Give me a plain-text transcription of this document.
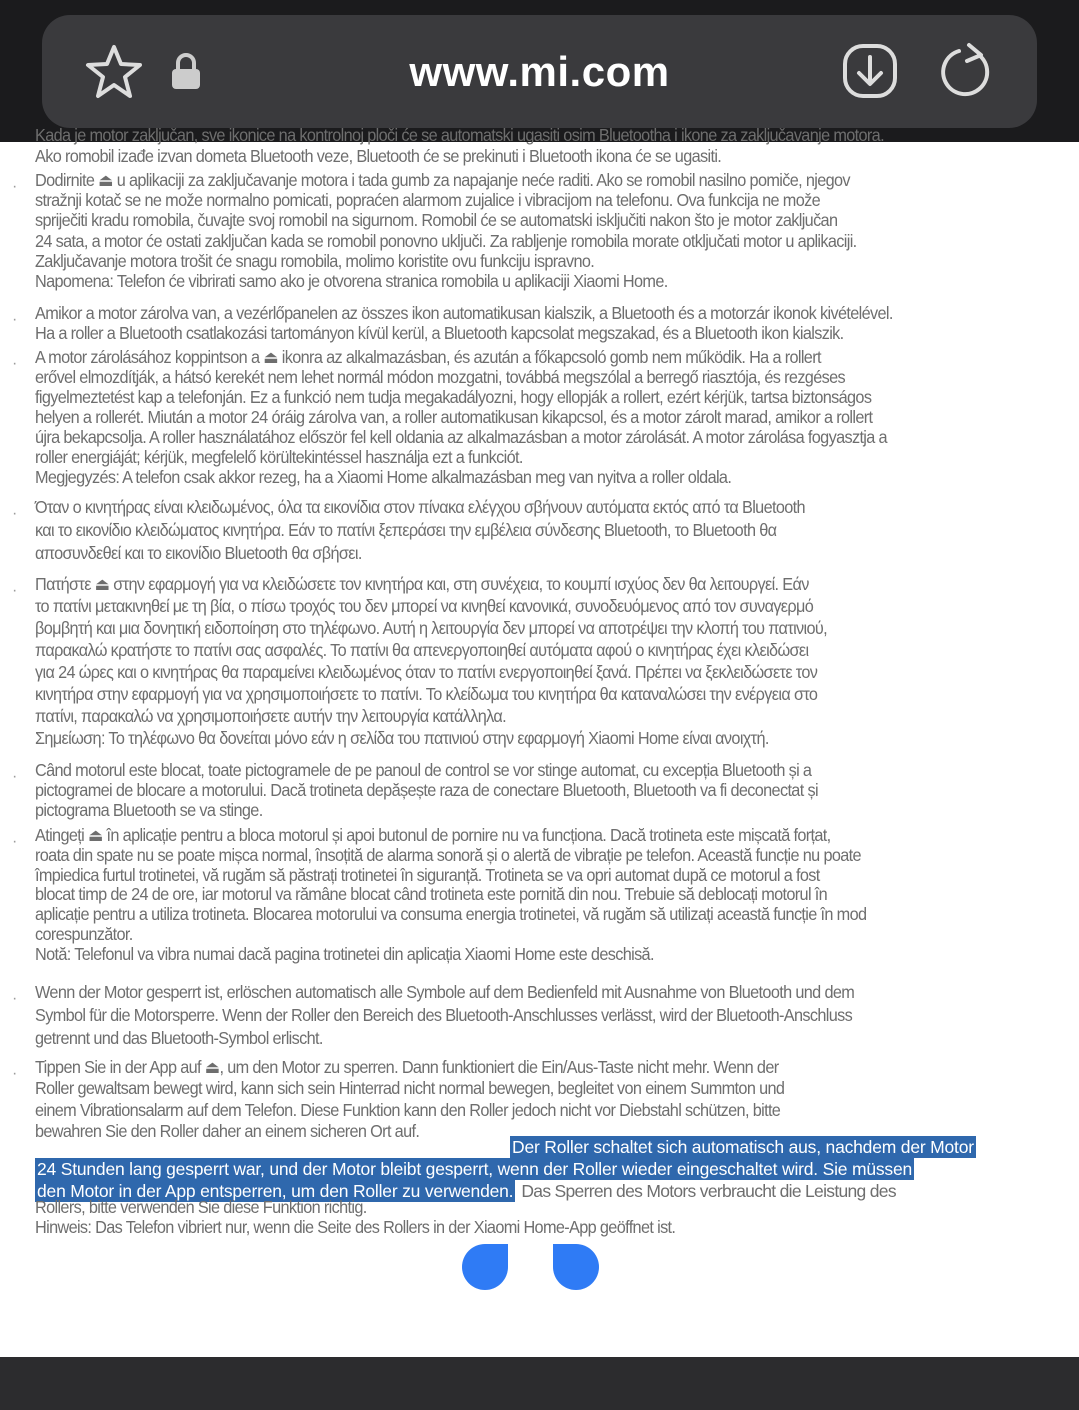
www.mi.com
Kada je motor zaključan, sve ikonice na kontrolnoj ploči će se automatski ugasiti osim Bluetootha i ikone za zaključavanje motora.
Ako romobil izađe izvan dometa Bluetooth veze, Bluetooth će se prekinuti i Bluetooth ikona će se ugasiti.
· Dodirnite ⏏ u aplikaciji za zaključavanje motora i tada gumb za napajanje neće raditi. Ako se romobil nasilno pomiče, njegov
stražnji kotač se ne može normalno pomicati, popraćen alarmom zujalice i vibracijom na telefonu. Ova funkcija ne može
spriječiti kradu romobila, čuvajte svoj romobil na sigurnom. Romobil će se automatski isključiti nakon što je motor zaključan
24 sata, a motor će ostati zaključan kada se romobil ponovno uključi. Za rabljenje romobila morate otključati motor u aplikaciji.
Zaključavanje motora trošit će snagu romobila, molimo koristite ovu funkciju ispravno.
Napomena: Telefon će vibrirati samo ako je otvorena stranica romobila u aplikaciji Xiaomi Home.
· Amikor a motor zárolva van, a vezérlőpanelen az összes ikon automatikusan kialszik, a Bluetooth és a motorzár ikonok kivételével.
Ha a roller a Bluetooth csatlakozási tartományon kívül kerül, a Bluetooth kapcsolat megszakad, és a Bluetooth ikon kialszik.
· A motor zárolásához koppintson a ⏏ ikonra az alkalmazásban, és azután a főkapcsoló gomb nem működik. Ha a rollert
erővel elmozdítják, a hátsó kerekét nem lehet normál módon mozgatni, továbbá megszólal a berregő riasztója, és rezgéses
figyelmeztetést kap a telefonján. Ez a funkció nem tudja megakadályozni, hogy ellopják a rollert, ezért kérjük, tartsa biztonságos
helyen a rollerét. Miután a motor 24 óráig zárolva van, a roller automatikusan kikapcsol, és a motor zárolt marad, amikor a rollert
újra bekapcsolja. A roller használatához először fel kell oldania az alkalmazásban a motor zárolását. A motor zárolása fogyasztja a
roller energiáját; kérjük, megfelelő körültekintéssel használja ezt a funkciót.
Megjegyzés: A telefon csak akkor rezeg, ha a Xiaomi Home alkalmazásban meg van nyitva a roller oldala.
· Όταν ο κινητήρας είναι κλειδωμένος, όλα τα εικονίδια στον πίνακα ελέγχου σβήνουν αυτόματα εκτός από τα Bluetooth
και το εικονίδιο κλειδώματος κινητήρα. Εάν το πατίνι ξεπεράσει την εμβέλεια σύνδεσης Bluetooth, το Bluetooth θα
αποσυνδεθεί και το εικονίδιο Bluetooth θα σβήσει.
· Πατήστε ⏏ στην εφαρμογή για να κλειδώσετε τον κινητήρα και, στη συνέχεια, το κουμπί ισχύος δεν θα λειτουργεί. Εάν
το πατίνι μετακινηθεί με τη βία, ο πίσω τροχός του δεν μπορεί να κινηθεί κανονικά, συνοδευόμενος από τον συναγερμό
βομβητή και μια δονητική ειδοποίηση στο τηλέφωνο. Αυτή η λειτουργία δεν μπορεί να αποτρέψει την κλοπή του πατινιού,
παρακαλώ κρατήστε το πατίνι σας ασφαλές. Το πατίνι θα απενεργοποιηθεί αυτόματα αφού ο κινητήρας έχει κλειδώσει
για 24 ώρες και ο κινητήρας θα παραμείνει κλειδωμένος όταν το πατίνι ενεργοποιηθεί ξανά. Πρέπει να ξεκλειδώσετε τον
κινητήρα στην εφαρμογή για να χρησιμοποιήσετε το πατίνι. Το κλείδωμα του κινητήρα θα καταναλώσει την ενέργεια στο
πατίνι, παρακαλώ να χρησιμοποιήσετε αυτήν την λειτουργία κατάλληλα.
Σημείωση: Το τηλέφωνο θα δονείται μόνο εάν η σελίδα του πατινιού στην εφαρμογή Xiaomi Home είναι ανοιχτή.
· Când motorul este blocat, toate pictogramele de pe panoul de control se vor stinge automat, cu excepția Bluetooth și a
pictogramei de blocare a motorului. Dacă trotineta depășește raza de conectare Bluetooth, Bluetooth va fi deconectat și
pictograma Bluetooth se va stinge.
· Atingeți ⏏ în aplicație pentru a bloca motorul și apoi butonul de pornire nu va funcționa. Dacă trotineta este mișcată forțat,
roata din spate nu se poate mișca normal, însoțită de alarma sonoră și o alertă de vibrație pe telefon. Această funcție nu poate
împiedica furtul trotinetei, vă rugăm să păstrați trotinetei în siguranță. Trotineta se va opri automat după ce motorul a fost
blocat timp de 24 de ore, iar motorul va rămâne blocat când trotineta este pornită din nou. Trebuie să deblocați motorul în
aplicație pentru a utiliza trotineta. Blocarea motorului va consuma energia trotinetei, vă rugăm să utilizați această funcție în mod
corespunzător.
Notă: Telefonul va vibra numai dacă pagina trotinetei din aplicația Xiaomi Home este deschisă.
· Wenn der Motor gesperrt ist, erlöschen automatisch alle Symbole auf dem Bedienfeld mit Ausnahme von Bluetooth und dem
Symbol für die Motorsperre. Wenn der Roller den Bereich des Bluetooth-Anschlusses verlässt, wird der Bluetooth-Anschluss
getrennt und das Bluetooth-Symbol erlischt.
· Tippen Sie in der App auf ⏏, um den Motor zu sperren. Dann funktioniert die Ein/Aus-Taste nicht mehr. Wenn der
Roller gewaltsam bewegt wird, kann sich sein Hinterrad nicht normal bewegen, begleitet von einem Summton und
einem Vibrationsalarm auf dem Telefon. Diese Funktion kann den Roller jedoch nicht vor Diebstahl schützen, bitte
bewahren Sie den Roller daher an einem sicheren Ort auf.
Der Roller schaltet sich automatisch aus, nachdem der Motor
24 Stunden lang gesperrt war, und der Motor bleibt gesperrt, wenn der Roller wieder eingeschaltet wird. Sie müssen
den Motor in der App entsperren, um den Roller zu verwenden. Das Sperren des Motors verbraucht die Leistung des
Rollers, bitte verwenden Sie diese Funktion richtig.
Hinweis: Das Telefon vibriert nur, wenn die Seite des Rollers in der Xiaomi Home-App geöffnet ist.
